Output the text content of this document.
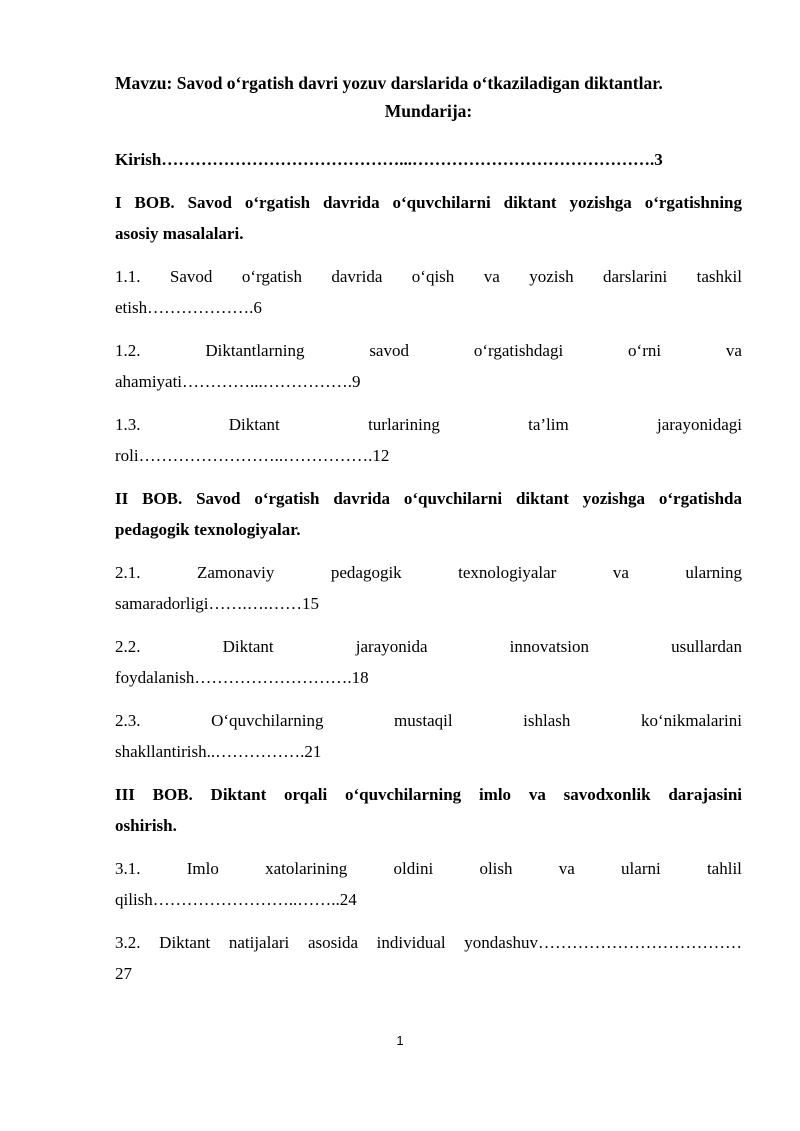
Mavzu: Savod o‘rgatish davri yozuv darslarida o‘tkaziladigan diktantlar.

Mundarija:

Kirish……………………………………...…………………………………….3
I BOB. Savod o‘rgatish davrida o‘quvchilarni diktant yozishga o‘rgatishning
asosiy masalalari.
1.1. Savod o‘rgatish davrida o‘qish va yozish darslarini tashkil
etish……………….6
1.2.	Diktantlarning	savod	o‘rgatishdagi	o‘rni	va
ahamiyati…………...…………….9
1.3.	Diktant	turlarining	ta’lim	jarayonidagi
roli……………………..…………….12
II BOB. Savod o‘rgatish davrida o‘quvchilarni diktant yozishga o‘rgatishda
pedagogik texnologiyalar.
2.1.	Zamonaviy	pedagogik	texnologiyalar	va	ularning
samaradorligi…….….……15
2.2.	Diktant	jarayonida	innovatsion	usullardan
foydalanish……………………….18
2.3.	O‘quvchilarning	mustaqil	ishlash	ko‘nikmalarini
shakllantirish..…………….21
III BOB. Diktant orqali o‘quvchilarning imlo va savodxonlik darajasini
oshirish.
3.1.	Imlo	xatolarining	oldini	olish	va	ularni	tahlil
qilish……………………..……..24
3.2. Diktant natijalari asosida individual yondashuv………………………………
27
1
